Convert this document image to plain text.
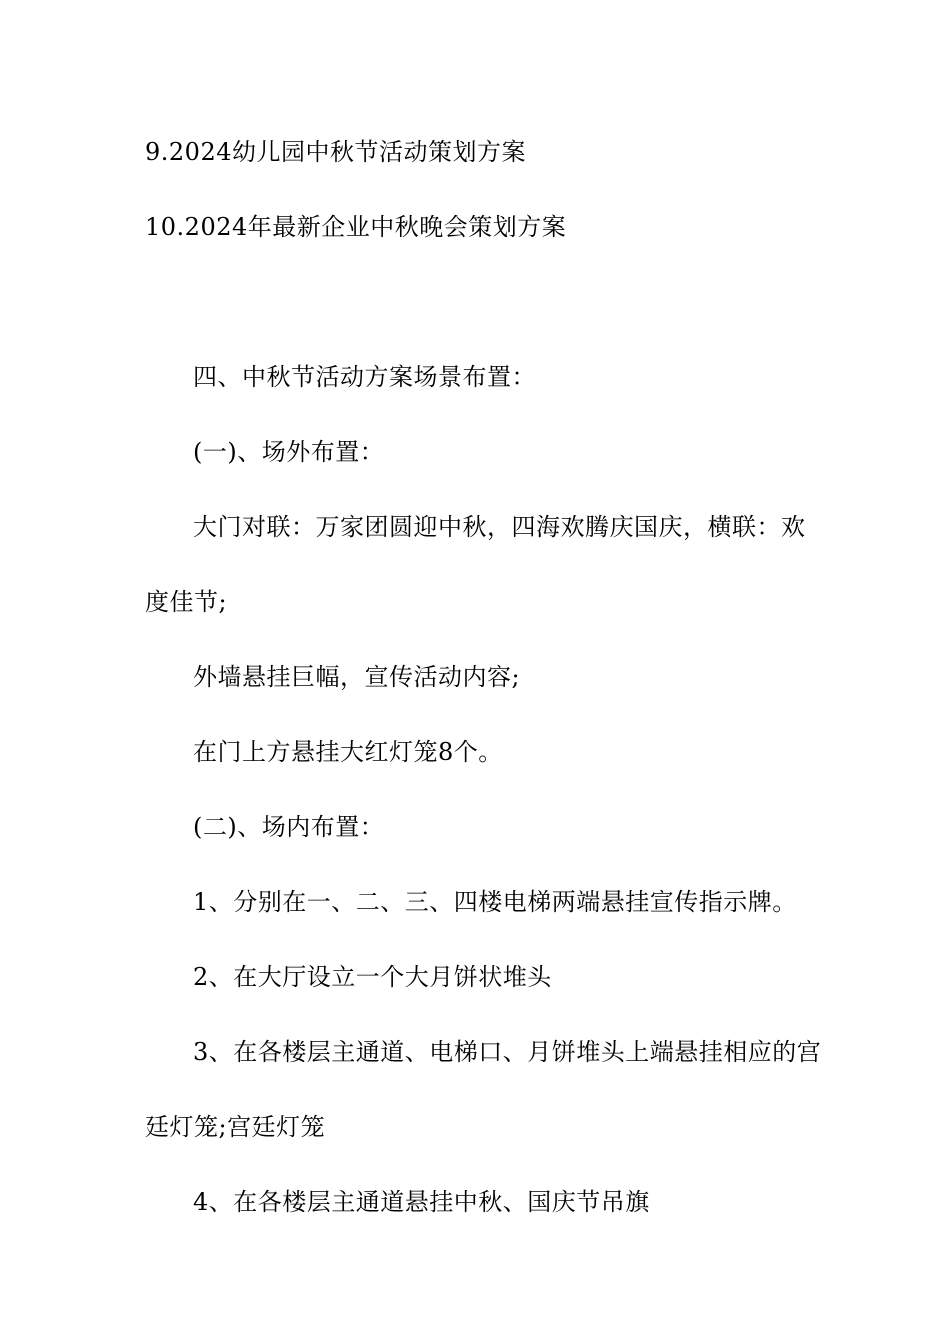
9.2024幼儿园中秋节活动策划方案
10.2024年最新企业中秋晚会策划方案
四、中秋节活动方案场景布置：
(一)、场外布置：
大门对联：万家团圆迎中秋，四海欢腾庆国庆，横联：欢
度佳节;
外墙悬挂巨幅，宣传活动内容;
在门上方悬挂大红灯笼8个。
(二)、场内布置：
1、分别在一、二、三、四楼电梯两端悬挂宣传指示牌。
2、在大厅设立一个大月饼状堆头
3、在各楼层主通道、电梯口、月饼堆头上端悬挂相应的宫
廷灯笼;宫廷灯笼
4、在各楼层主通道悬挂中秋、国庆节吊旗
